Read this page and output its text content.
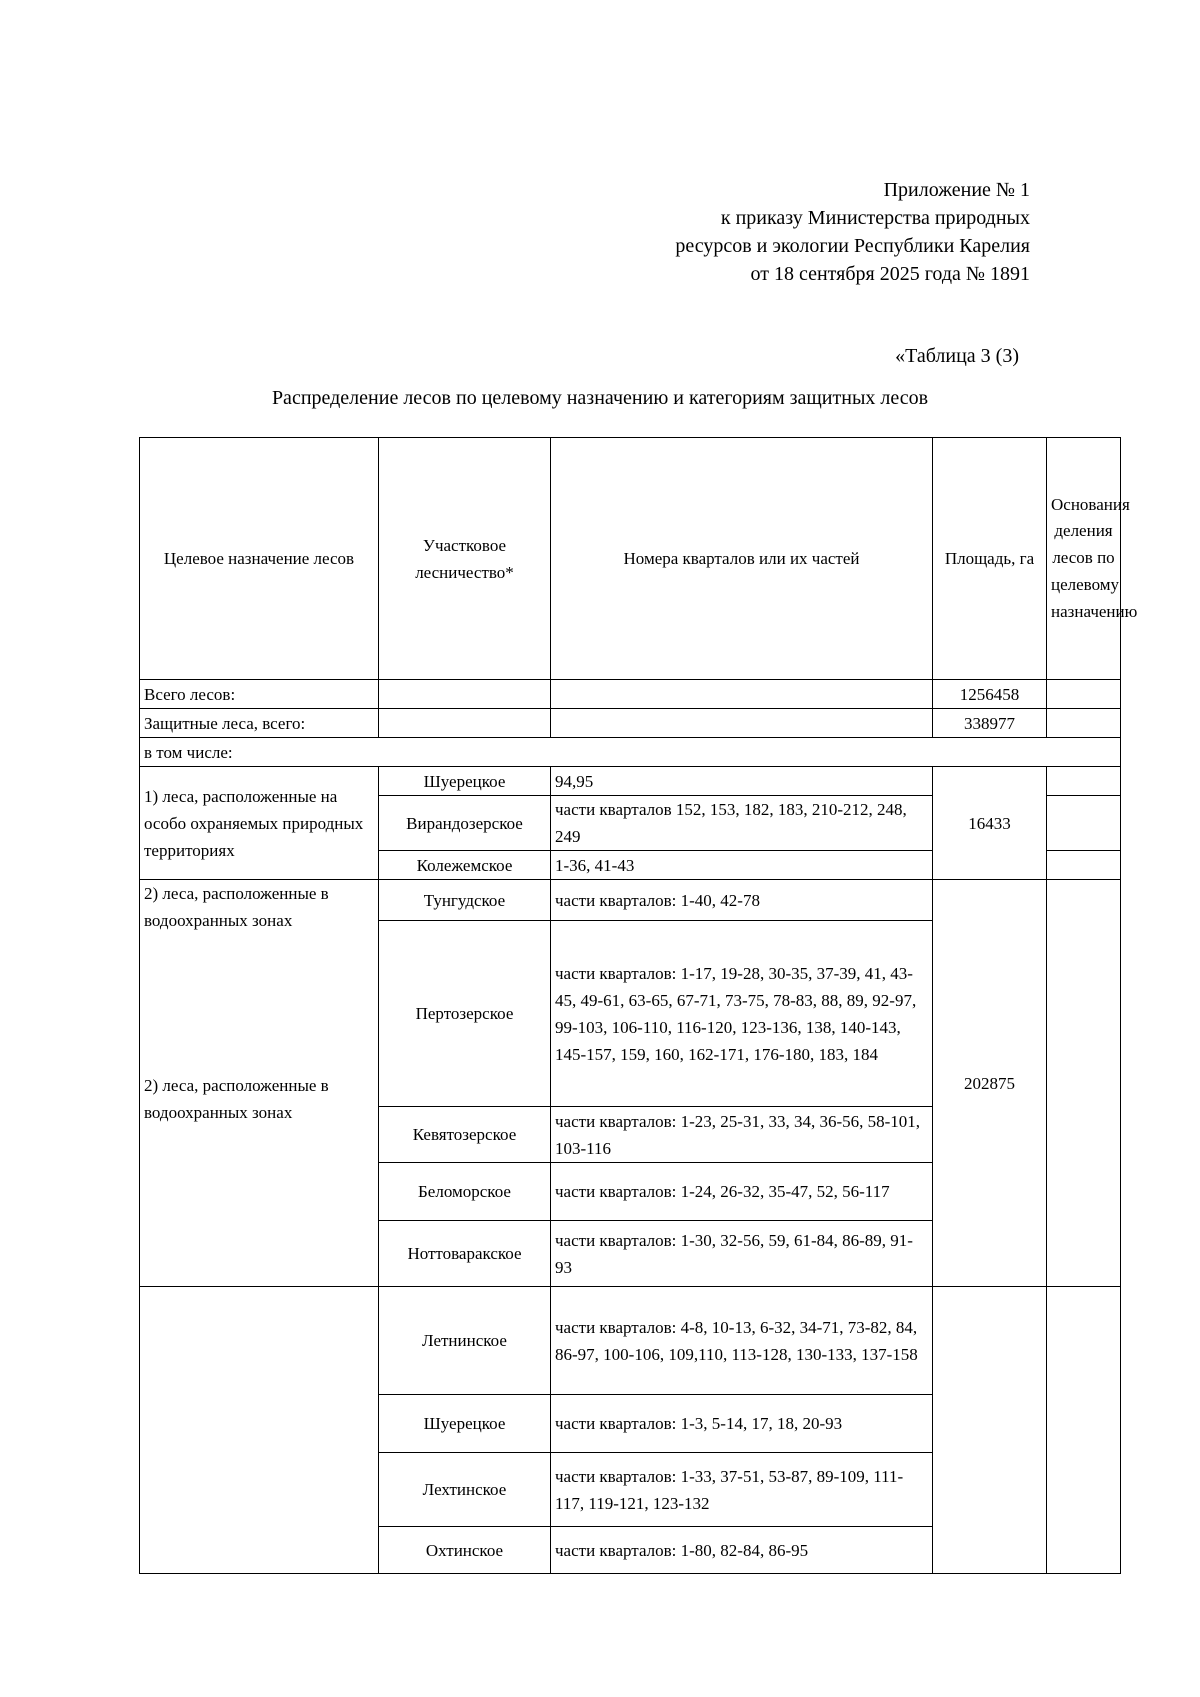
Приложение № 1
к приказу Министерства природных
ресурсов и экологии Республики Карелия
от 18 сентября 2025 года № 1891
«Таблица 3 (3)
Распределение лесов по целевому назначению и категориям защитных лесов
Целевое назначение лесов	Участковое лесничество*	Номера кварталов или их частей	Площадь, га	Основания деления лесов по целевому назначению
Всего лесов:			1256458	
Защитные леса, всего:			338977	
в том числе:				
1) леса, расположенные на особо охраняемых природных территориях	Шуерецкое	94,95	16433	
	Вирандозерское	части кварталов 152, 153, 182, 183, 210-212, 248, 249		
	Колежемское	1-36, 41-43		

2) леса, расположенные в водоохранных зонах
2) леса, расположенные в водоохранных зонах	Тунгудское	части кварталов: 1-40, 42-78	202875	
	Пертозерское	части кварталов: 1-17, 19-28, 30-35, 37-39, 41, 43-45, 49-61, 63-65, 67-71, 73-75, 78-83, 88, 89, 92-97, 99-103, 106-110, 116-120, 123-136, 138, 140-143, 145-157, 159, 160, 162-171, 176-180, 183, 184		
	Кевятозерское	части кварталов: 1-23, 25-31, 33, 34, 36-56, 58-101, 103-116		
	Беломорское	части кварталов: 1-24, 26-32, 35-47, 52, 56-117		
	Ноттоваракское	части кварталов: 1-30, 32-56, 59, 61-84, 86-89, 91-93		
	Летнинское	части кварталов: 4-8, 10-13, 6-32, 34-71, 73-82, 84, 86-97, 100-106, 109,110, 113-128, 130-133, 137-158		
	Шуерецкое	части кварталов: 1-3, 5-14, 17, 18, 20-93		
	Лехтинское	части кварталов: 1-33, 37-51, 53-87, 89-109, 111-117, 119-121, 123-132		
	Охтинское	части кварталов: 1-80, 82-84, 86-95		
